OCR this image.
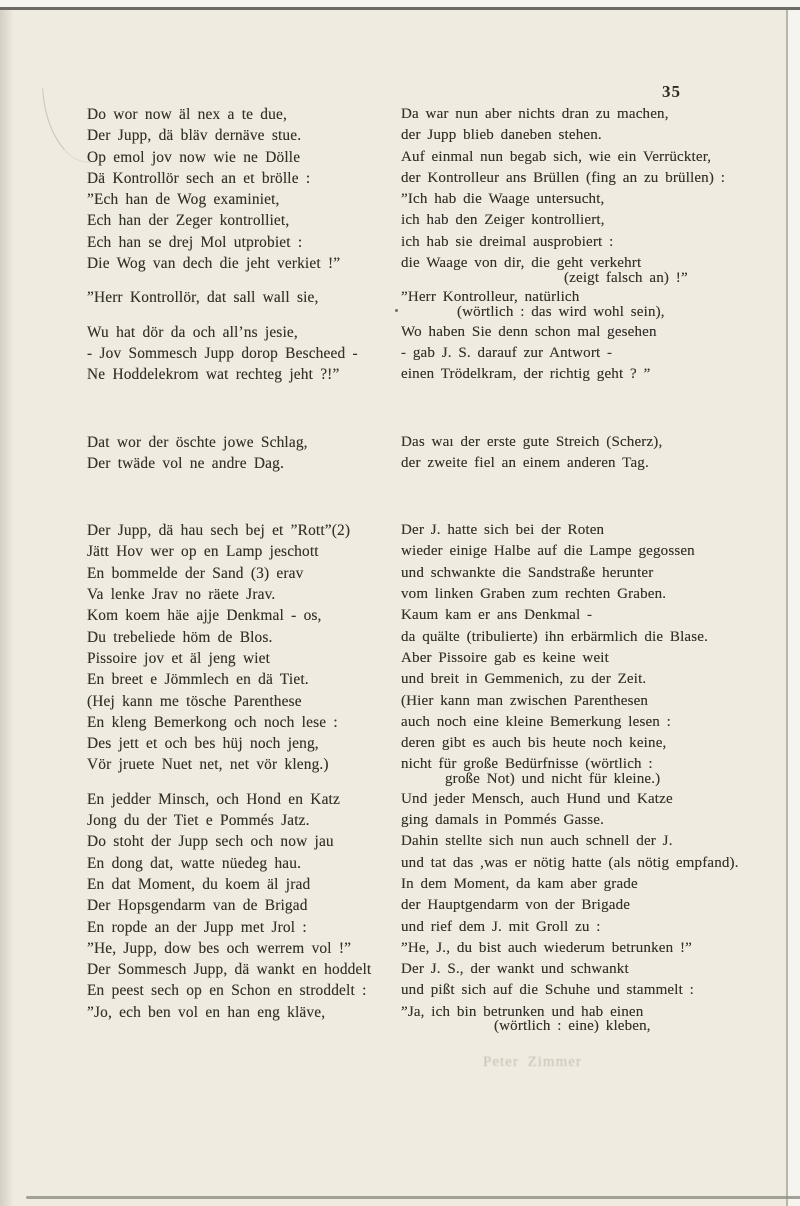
35
Do wor now äl nex a te due,
Der Jupp, dä bläv dernäve stue.
Op emol jov now wie ne Dölle
Dä Kontrollör sech an et brölle :
”Ech han de Wog examiniet,
Ech han der Zeger kontrolliet,
Ech han se drej Mol utprobiet :
Die Wog van dech die jeht verkiet !”
”Herr Kontrollör, dat sall wall sie,
Wu hat dör da och all’ns jesie,
- Jov Sommesch Jupp dorop Bescheed -
Ne Hoddelekrom wat rechteg jeht ?!”
Dat wor der öschte jowe Schlag,
Der twäde vol ne andre Dag.
Der Jupp, dä hau sech bej et ”Rott”(2)
Jätt Hov wer op en Lamp jeschott
En bommelde der Sand (3) erav
Va lenke Jrav no räete Jrav.
Kom koem häe ajje Denkmal - os,
Du trebeliede höm de Blos.
Pissoire jov et äl jeng wiet
En breet e Jömmlech en dä Tiet.
(Hej kann me tösche Parenthese
En kleng Bemerkong och noch lese :
Des jett et och bes hüj noch jeng,
Vör jruete Nuet net, net vör kleng.)
En jedder Minsch, och Hond en Katz
Jong du der Tiet e Pommés Jatz.
Do stoht der Jupp sech och now jau
En dong dat, watte nüedeg hau.
En dat Moment, du koem äl jrad
Der Hopsgendarm van de Brigad
En ropde an der Jupp met Jrol :
”He, Jupp, dow bes och werrem vol !”
Der Sommesch Jupp, dä wankt en hoddelt
En peest sech op en Schon en stroddelt :
”Jo, ech ben vol en han eng kläve,
Da war nun aber nichts dran zu machen,
der Jupp blieb daneben stehen.
Auf einmal nun begab sich, wie ein Verrückter,
der Kontrolleur ans Brüllen (fing an zu brüllen) :
”Ich hab die Waage untersucht,
ich hab den Zeiger kontrolliert,
ich hab sie dreimal ausprobiert :
die Waage von dir, die geht verkehrt
(zeigt falsch an) !”
”Herr Kontrolleur, natürlich
(wörtlich : das wird wohl sein),
Wo haben Sie denn schon mal gesehen
- gab J. S. darauf zur Antwort -
einen Trödelkram, der richtig geht ? ”
Das waı der erste gute Streich (Scherz),
der zweite fiel an einem anderen Tag.
Der J. hatte sich bei der Roten
wieder einige Halbe auf die Lampe gegossen
und schwankte die Sandstraße herunter
vom linken Graben zum rechten Graben.
Kaum kam er ans Denkmal -
da quälte (tribulierte) ihn erbärmlich die Blase.
Aber Pissoire gab es keine weit
und breit in Gemmenich, zu der Zeit.
(Hier kann man zwischen Parenthesen
auch noch eine kleine Bemerkung lesen :
deren gibt es auch bis heute noch keine,
nicht für große Bedürfnisse (wörtlich :
große Not) und nicht für kleine.)
Und jeder Mensch, auch Hund und Katze
ging damals in Pommés Gasse.
Dahin stellte sich nun auch schnell der J.
und tat das ,was er nötig hatte (als nötig empfand).
In dem Moment, da kam aber grade
der Hauptgendarm von der Brigade
und rief dem J. mit Groll zu :
”He, J., du bist auch wiederum betrunken !”
Der J. S., der wankt und schwankt
und pißt sich auf die Schuhe und stammelt :
”Ja, ich bin betrunken und hab einen
(wörtlich : eine) kleben,
Peter Zimmer
